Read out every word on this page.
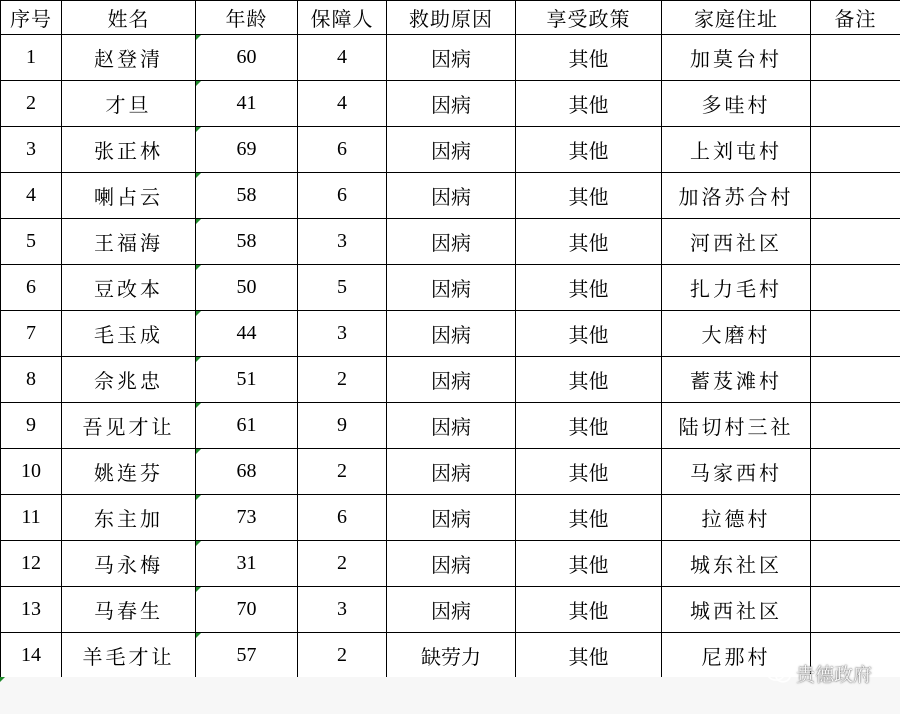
序号	姓名	年龄	保障人	救助原因	享受政策	家庭住址	备注
1	赵登清	60	4	因病	其他	加莫台村	
2	才旦	41	4	因病	其他	多哇村	
3	张正林	69	6	因病	其他	上刘屯村	
4	喇占云	58	6	因病	其他	加洛苏合村	
5	王福海	58	3	因病	其他	河西社区	
6	豆改本	50	5	因病	其他	扎力毛村	
7	毛玉成	44	3	因病	其他	大磨村	
8	佘兆忠	51	2	因病	其他	蓄芨滩村	
9	吾见才让	61	9	因病	其他	陆切村三社	
10	姚连芬	68	2	因病	其他	马家西村	
11	东主加	73	6	因病	其他	拉德村	
12	马永梅	31	2	因病	其他	城东社区	
13	马春生	70	3	因病	其他	城西社区	
14	羊毛才让	57	2	缺劳力	其他	尼那村	
贵德政府
